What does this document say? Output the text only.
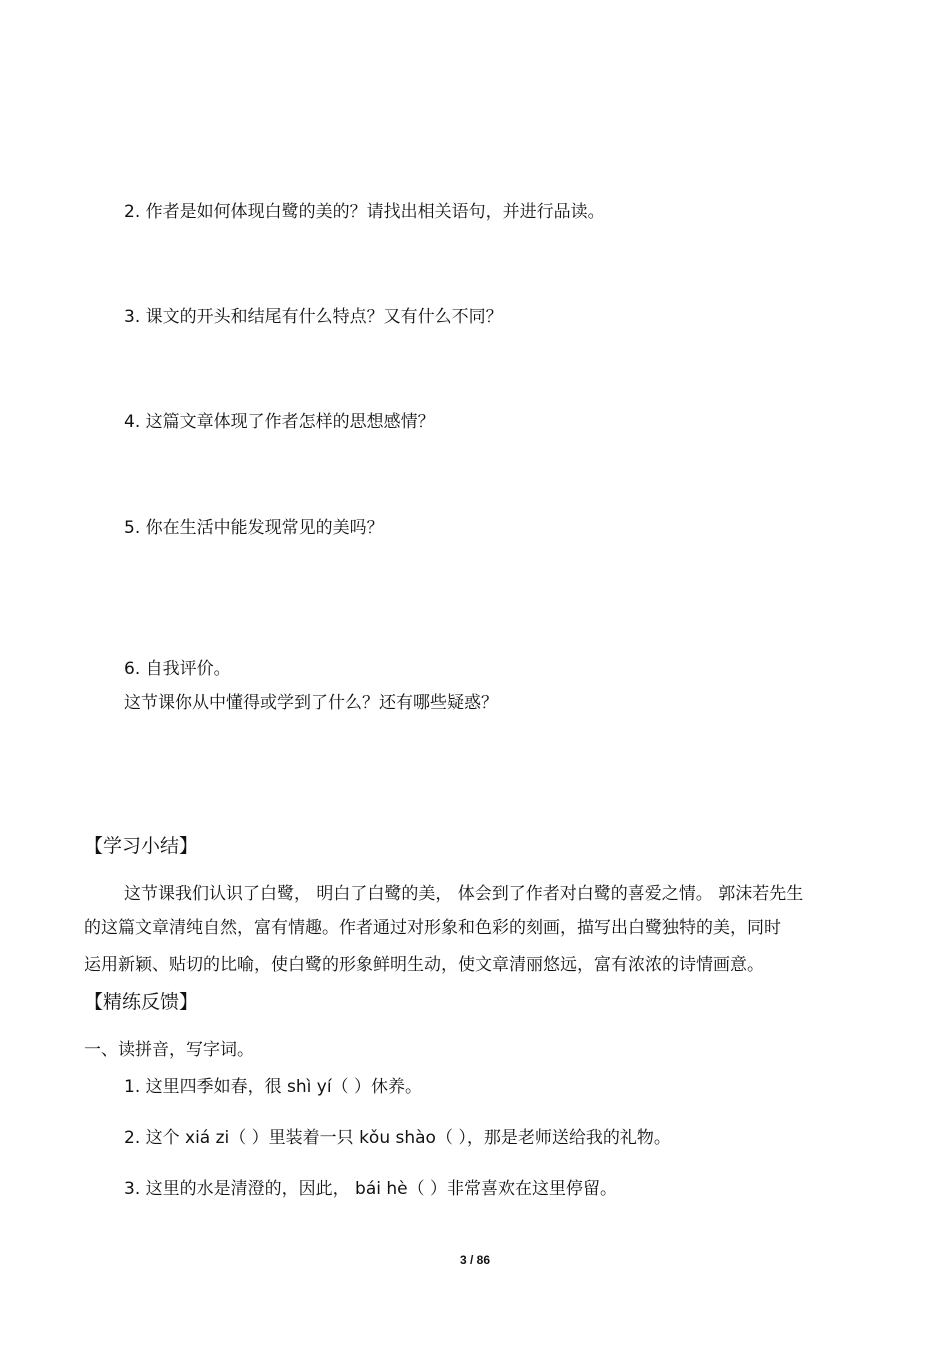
2. 作者是如何体现白鹭的美的？请找出相关语句，并进行品读。
3. 课文的开头和结尾有什么特点？又有什么不同？
4. 这篇文章体现了作者怎样的思想感情？
5. 你在生活中能发现常见的美吗？
6. 自我评价。
这节课你从中懂得或学到了什么？还有哪些疑惑？
【学习小结】
这节课我们认识了白鹭， 明白了白鹭的美， 体会到了作者对白鹭的喜爱之情。 郭沫若先生
的这篇文章清纯自然，富有情趣。作者通过对形象和色彩的刻画，描写出白鹭独特的美，同时
运用新颖、贴切的比喻，使白鹭的形象鲜明生动，使文章清丽悠远，富有浓浓的诗情画意。
【精练反馈】
一、读拼音，写字词。
1. 这里四季如春，很 shì yí（ ）休养。
2. 这个 xiá zi（ ）里装着一只 kǒu shào（ ），那是老师送给我的礼物。
3. 这里的水是清澄的，因此， bái hè（ ）非常喜欢在这里停留。
3 / 86
